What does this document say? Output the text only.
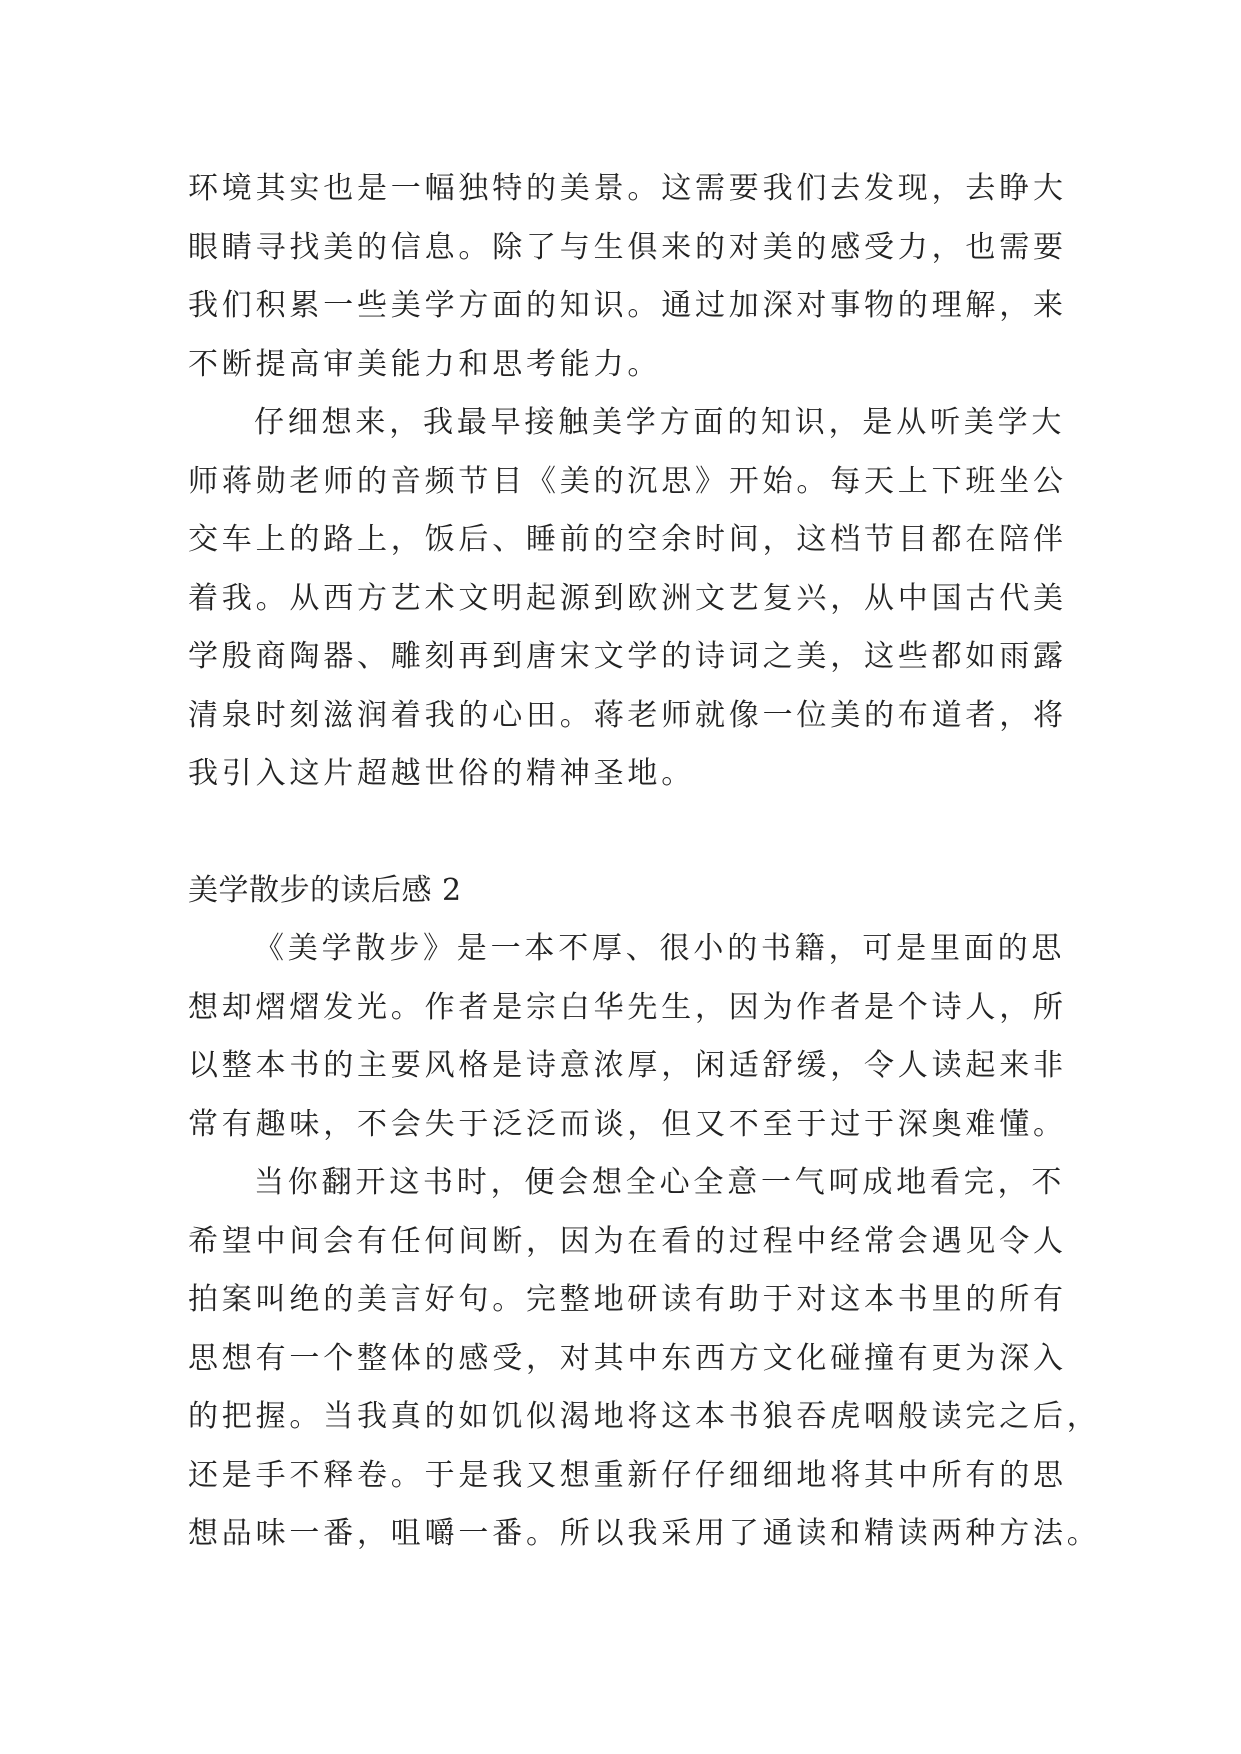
环境其实也是一幅独特的美景。这需要我们去发现，去睁大
眼睛寻找美的信息。除了与生俱来的对美的感受力，也需要
我们积累一些美学方面的知识。通过加深对事物的理解，来
不断提高审美能力和思考能力。
仔细想来，我最早接触美学方面的知识，是从听美学大
师蒋勋老师的音频节目《美的沉思》开始。每天上下班坐公
交车上的路上，饭后、睡前的空余时间，这档节目都在陪伴
着我。从西方艺术文明起源到欧洲文艺复兴，从中国古代美
学殷商陶器、雕刻再到唐宋文学的诗词之美，这些都如雨露
清泉时刻滋润着我的心田。蒋老师就像一位美的布道者，将
我引入这片超越世俗的精神圣地。
美学散步的读后感 2
《美学散步》是一本不厚、很小的书籍，可是里面的思
想却熠熠发光。作者是宗白华先生，因为作者是个诗人，所
以整本书的主要风格是诗意浓厚，闲适舒缓，令人读起来非
常有趣味，不会失于泛泛而谈，但又不至于过于深奥难懂。
当你翻开这书时，便会想全心全意一气呵成地看完，不
希望中间会有任何间断，因为在看的过程中经常会遇见令人
拍案叫绝的美言好句。完整地研读有助于对这本书里的所有
思想有一个整体的感受，对其中东西方文化碰撞有更为深入
的把握。当我真的如饥似渴地将这本书狼吞虎咽般读完之后，
还是手不释卷。于是我又想重新仔仔细细地将其中所有的思
想品味一番，咀嚼一番。所以我采用了通读和精读两种方法。
